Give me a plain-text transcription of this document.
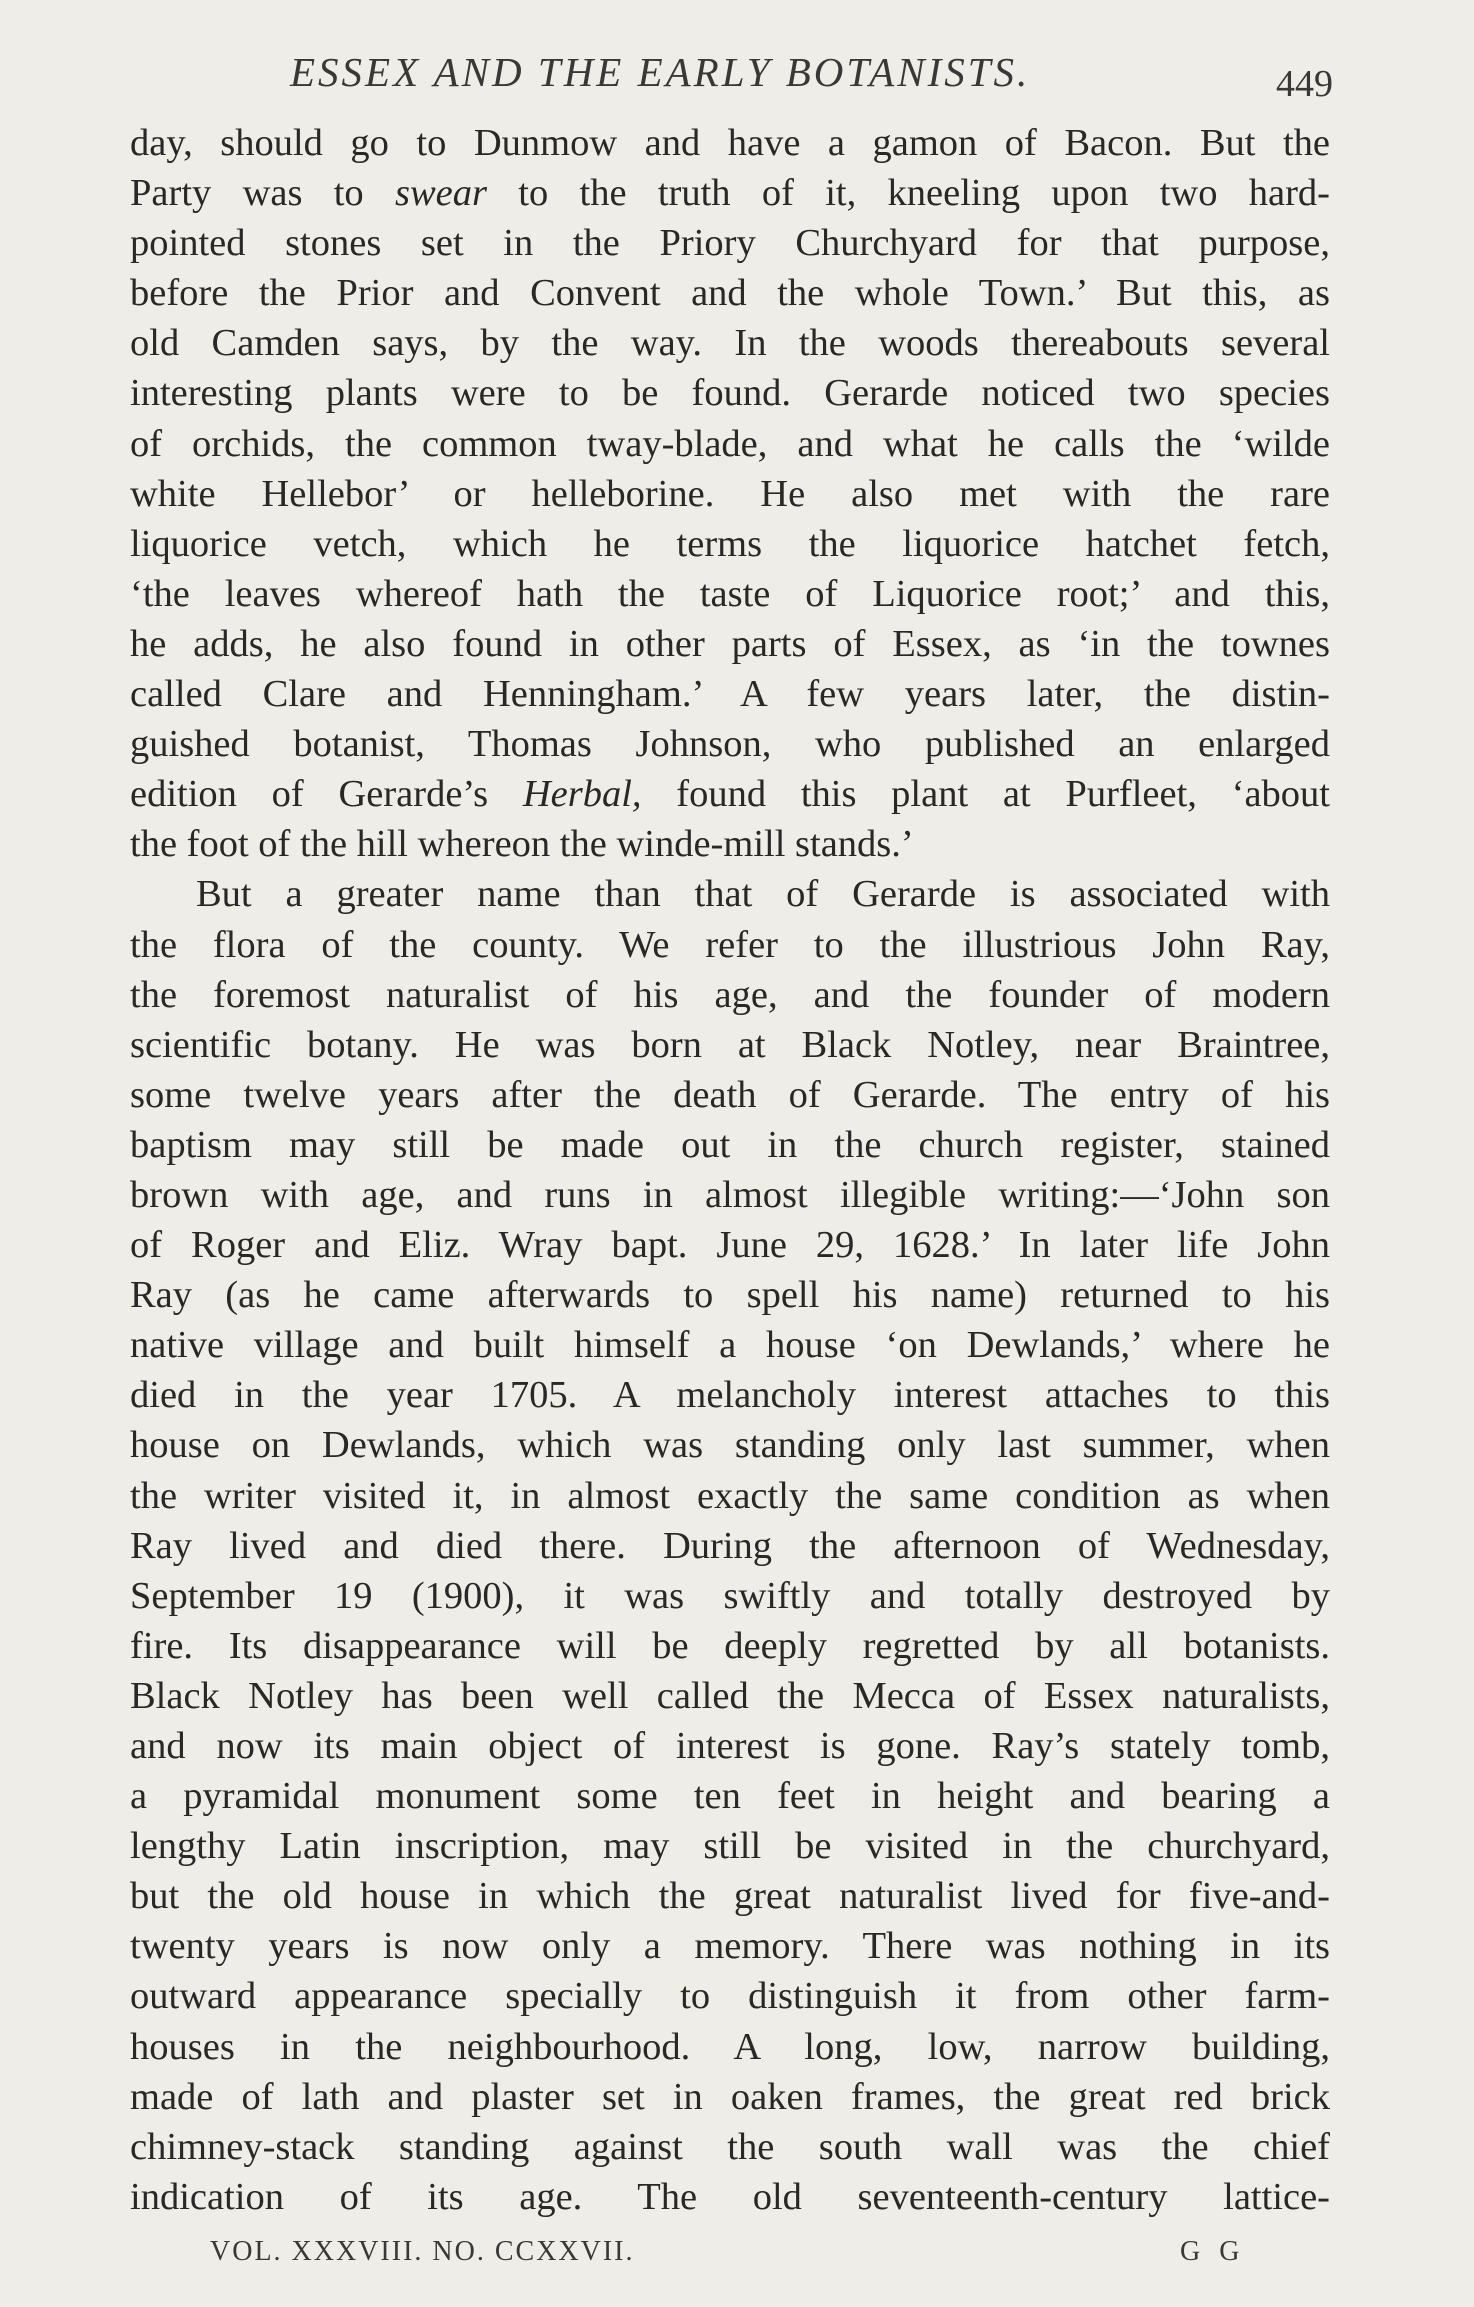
ESSEX AND THE EARLY BOTANISTS.	449
day, should go to Dunmow and have a gamon of Bacon. But the
Party was to swear to the truth of it, kneeling upon two hard-
pointed stones set in the Priory Churchyard for that purpose,
before the Prior and Convent and the whole Town.’ But this, as
old Camden says, by the way. In the woods thereabouts several
interesting plants were to be found. Gerarde noticed two species
of orchids, the common tway-blade, and what he calls the ‘wilde
white Hellebor’ or helleborine. He also met with the rare
liquorice vetch, which he terms the liquorice hatchet fetch,
‘the leaves whereof hath the taste of Liquorice root;’ and this,
he adds, he also found in other parts of Essex, as ‘in the townes
called Clare and Henningham.’ A few years later, the distin-
guished botanist, Thomas Johnson, who published an enlarged
edition of Gerarde’s Herbal, found this plant at Purfleet, ‘about
the foot of the hill whereon the winde-mill stands.’
But a greater name than that of Gerarde is associated with
the flora of the county. We refer to the illustrious John Ray,
the foremost naturalist of his age, and the founder of modern
scientific botany. He was born at Black Notley, near Braintree,
some twelve years after the death of Gerarde. The entry of his
baptism may still be made out in the church register, stained
brown with age, and runs in almost illegible writing:—‘John son
of Roger and Eliz. Wray bapt. June 29, 1628.’ In later life John
Ray (as he came afterwards to spell his name) returned to his
native village and built himself a house ‘on Dewlands,’ where he
died in the year 1705. A melancholy interest attaches to this
house on Dewlands, which was standing only last summer, when
the writer visited it, in almost exactly the same condition as when
Ray lived and died there. During the afternoon of Wednesday,
September 19 (1900), it was swiftly and totally destroyed by
fire. Its disappearance will be deeply regretted by all botanists.
Black Notley has been well called the Mecca of Essex naturalists,
and now its main object of interest is gone. Ray’s stately tomb,
a pyramidal monument some ten feet in height and bearing a
lengthy Latin inscription, may still be visited in the churchyard,
but the old house in which the great naturalist lived for five-and-
twenty years is now only a memory. There was nothing in its
outward appearance specially to distinguish it from other farm-
houses in the neighbourhood. A long, low, narrow building,
made of lath and plaster set in oaken frames, the great red brick
chimney-stack standing against the south wall was the chief
indication of its age. The old seventeenth-century lattice-
VOL. XXXVIII. NO. CCXXVII.	G G
